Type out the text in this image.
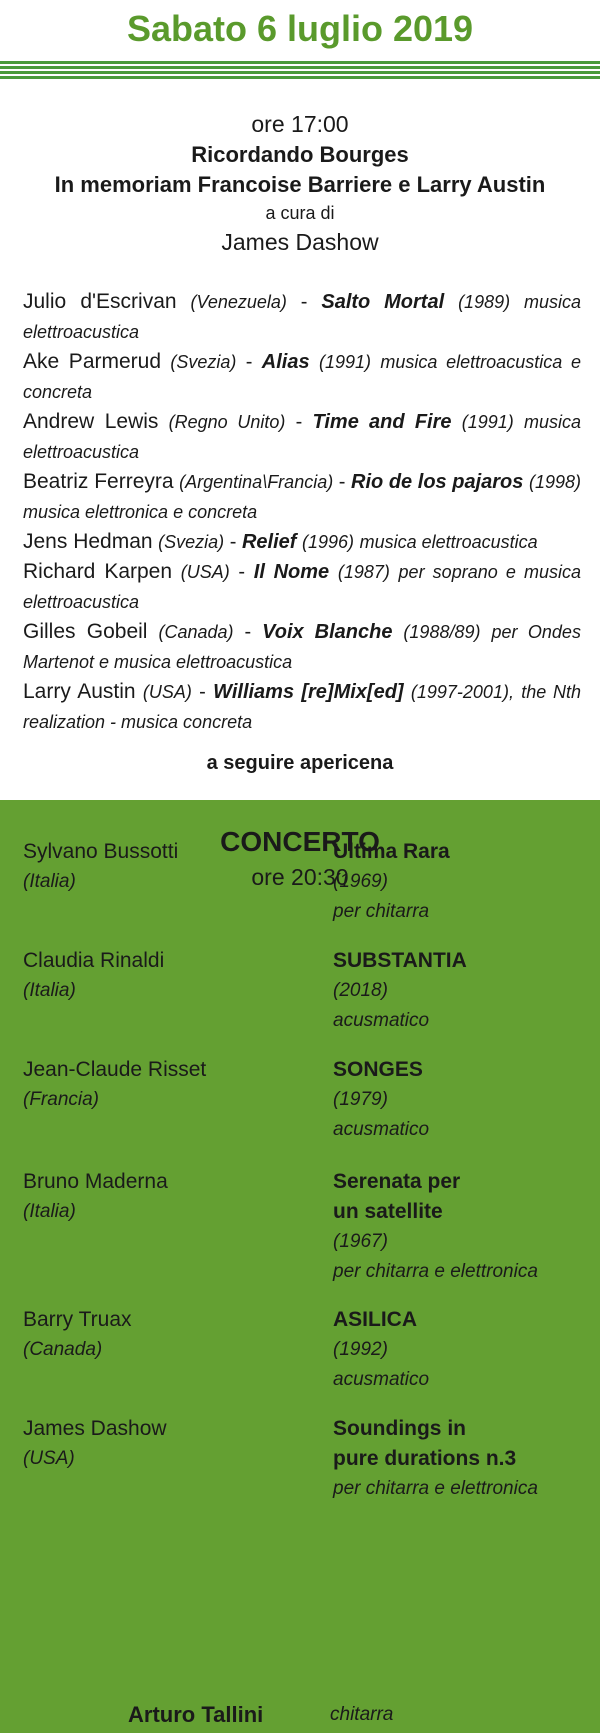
Sabato 6 luglio 2019
ore 17:00
Ricordando Bourges
In memoriam Francoise Barriere e Larry Austin
a cura di
James Dashow
Julio d'Escrivan (Venezuela) - Salto Mortal (1989) musica elettroacustica
Ake Parmerud (Svezia) - Alias (1991) musica elettroacustica e concreta
Andrew Lewis (Regno Unito) - Time and Fire (1991) musica elettroacustica
Beatriz Ferreyra (Argentina\Francia) - Rio de los pajaros (1998) musica elettronica e concreta
Jens Hedman (Svezia) - Relief (1996) musica elettroacustica
Richard Karpen (USA) - Il Nome (1987) per soprano e musica elettroacustica
Gilles Gobeil (Canada) - Voix Blanche (1988/89) per Ondes Martenot e musica elettroacustica
Larry Austin (USA) - Williams [re]Mix[ed] (1997-2001), the Nth realization - musica concreta
a seguire apericena
CONCERTO
ore 20:30
Sylvano Bussotti
(Italia)
Ultima Rara
(1969)
per chitarra
Claudia Rinaldi
(Italia)
SUBSTANTIA
(2018)
acusmatico
Jean-Claude Risset
(Francia)
SONGES
(1979)
acusmatico
Bruno Maderna
(Italia)
Serenata per
un satellite
(1967)
per chitarra e elettronica
Barry Truax
(Canada)
ASILICA
(1992)
acusmatico
James Dashow
(USA)
Soundings in
pure durations n.3
per chitarra e elettronica
Arturo Tallini	chitarra
